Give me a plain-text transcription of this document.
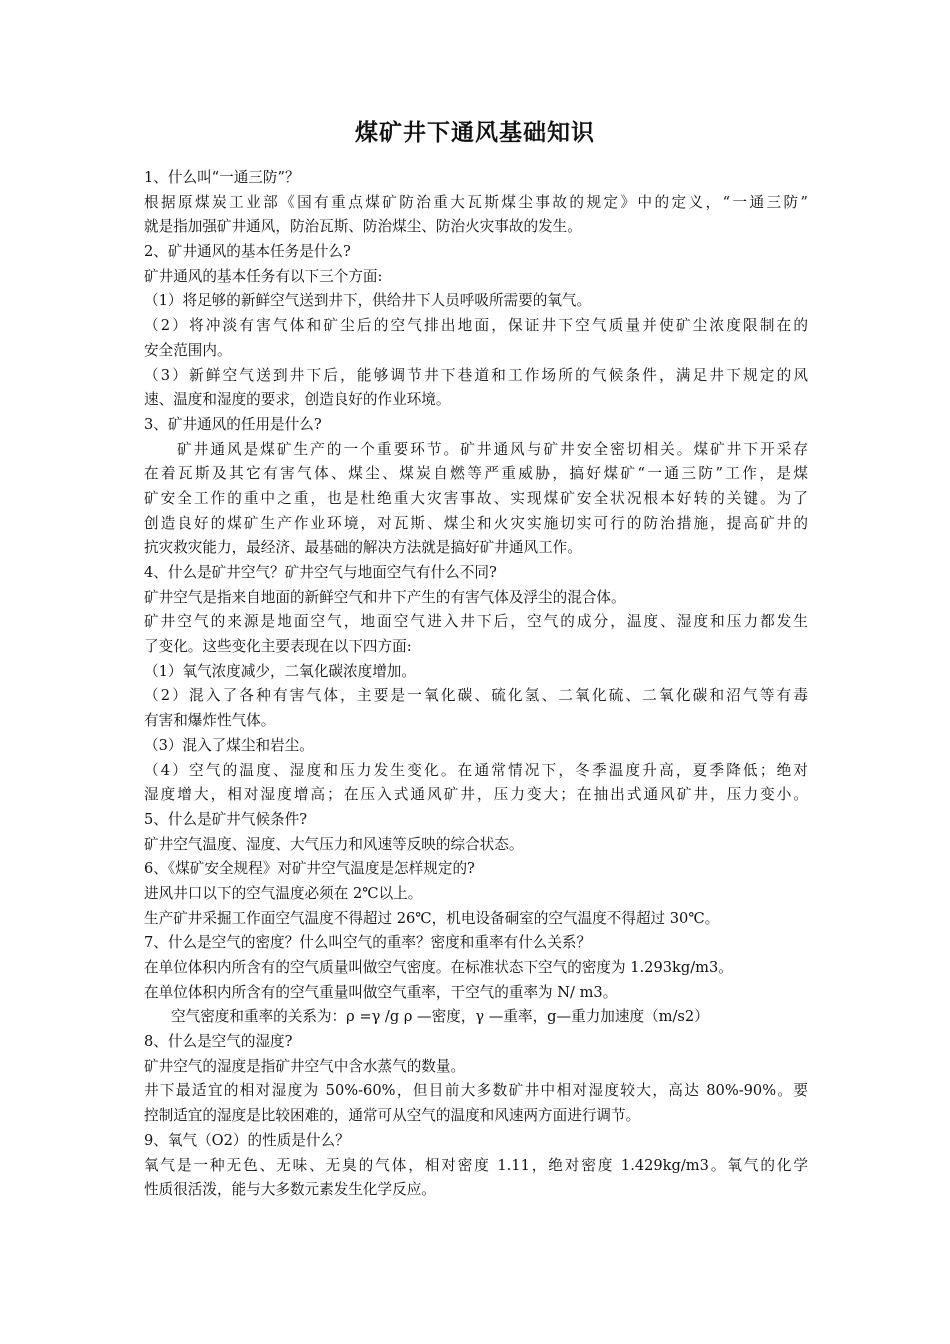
煤矿井下通风基础知识
1、什么叫“一通三防”？
根据原煤炭工业部《国有重点煤矿防治重大瓦斯煤尘事故的规定》中的定义，“一通三防”
就是指加强矿井通风，防治瓦斯、防治煤尘、防治火灾事故的发生。
2、矿井通风的基本任务是什么?
矿井通风的基本任务有以下三个方面:
（1）将足够的新鲜空气送到井下，供给井下人员呼吸所需要的氧气。
（2）将冲淡有害气体和矿尘后的空气排出地面，保证井下空气质量并使矿尘浓度限制在的
安全范围内。
（3）新鲜空气送到井下后，能够调节井下巷道和工作场所的气候条件，满足井下规定的风
速、温度和湿度的要求，创造良好的作业环境。
3、矿井通风的任用是什么?
矿井通风是煤矿生产的一个重要环节。矿井通风与矿井安全密切相关。煤矿井下开采存
在着瓦斯及其它有害气体、煤尘、煤炭自燃等严重威胁，搞好煤矿“一通三防”工作，是煤
矿安全工作的重中之重，也是杜绝重大灾害事故、实现煤矿安全状况根本好转的关键。为了
创造良好的煤矿生产作业环境，对瓦斯、煤尘和火灾实施切实可行的防治措施，提高矿井的
抗灾救灾能力，最经济、最基础的解决方法就是搞好矿井通风工作。
4、什么是矿井空气？矿井空气与地面空气有什么不同?
矿井空气是指来自地面的新鲜空气和井下产生的有害气体及浮尘的混合体。
矿井空气的来源是地面空气，地面空气进入井下后，空气的成分，温度、湿度和压力都发生
了变化。这些变化主要表现在以下四方面:
（1）氧气浓度减少，二氧化碳浓度增加。
（2）混入了各种有害气体，主要是一氧化碳、硫化氢、二氧化硫、二氧化碳和沼气等有毒
有害和爆炸性气体。
（3）混入了煤尘和岩尘。
（4）空气的温度、湿度和压力发生变化。在通常情况下，冬季温度升高，夏季降低；绝对
湿度增大，相对湿度增高；在压入式通风矿井，压力变大；在抽出式通风矿井，压力变小。
5、什么是矿井气候条件?
矿井空气温度、湿度、大气压力和风速等反映的综合状态。
6、《煤矿安全规程》对矿井空气温度是怎样规定的?
进风井口以下的空气温度必须在 2℃以上。
生产矿井采掘工作面空气温度不得超过 26℃，机电设备硐室的空气温度不得超过 30℃。
7、什么是空气的密度？什么叫空气的重率？密度和重率有什么关系？
在单位体积内所含有的空气质量叫做空气密度。在标准状态下空气的密度为 1.293kg/m3。
在单位体积内所含有的空气重量叫做空气重率，干空气的重率为 N/ m3。
空气密度和重率的关系为：ρ =γ /g ρ —密度，γ —重率，g—重力加速度（m/s2）
8、什么是空气的湿度?
矿井空气的湿度是指矿井空气中含水蒸气的数量。
井下最适宜的相对湿度为 50%-60%，但目前大多数矿井中相对湿度较大，高达 80%-90%。要
控制适宜的湿度是比较困难的，通常可从空气的温度和风速两方面进行调节。
9、氧气（O2）的性质是什么？
氧气是一种无色、无味、无臭的气体，相对密度 1.11，绝对密度 1.429kg/m3。氧气的化学
性质很活泼，能与大多数元素发生化学反应。
